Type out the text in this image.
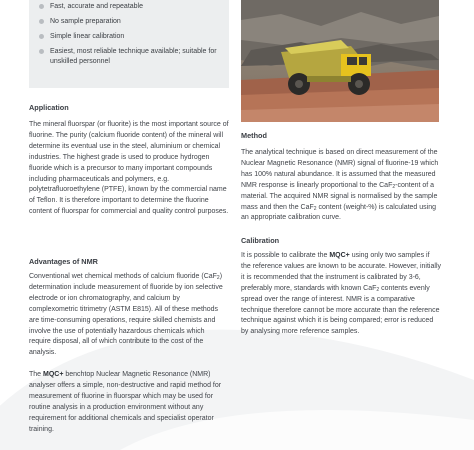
Fast, accurate and repeatable
No sample preparation
Simple linear calibration
Easiest, most reliable technique available; suitable for unskilled personnel
Application
The mineral fluorspar (or fluorite) is the most important source of fluorine. The purity (calcium fluoride content) of the mineral will determine its eventual use in the steel, aluminium or chemical industries. The highest grade is used to produce hydrogen fluoride which is a precursor to many important compounds including pharmaceuticals and polymers, e.g. polytetrafluoroethylene (PTFE), known by the commercial name of Teflon. It is therefore important to determine the fluorine content of fluorspar for commercial and quality control purposes.
Advantages of NMR
Conventional wet chemical methods of calcium fluoride (CaF$_2$) determination include measurement of fluoride by ion selective electrode or ion chromatography, and calcium by complexometric titrimetry (ASTM E815). All of these methods are time-consuming operations, require skilled chemists and involve the use of potentially hazardous chemicals which require disposal, all of which contribute to the cost of the analysis.
The MQC+ benchtop Nuclear Magnetic Resonance (NMR) analyser offers a simple, non-destructive and rapid method for measurement of fluorine in fluorspar which may be used for routine analysis in a production environment without any requirement for additional chemicals and specialist operator training.
Method
The analytical technique is based on direct measurement of the Nuclear Magnetic Resonance (NMR) signal of fluorine-19 which has 100% natural abundance. It is assumed that the measured NMR response is linearly proportional to the CaF$_2$-content of a material. The acquired NMR signal is normalised by the sample mass and then the CaF$_2$ content (weight-%) is calculated using an appropriate calibration curve.
Calibration
It is possible to calibrate the MQC+ using only two samples if the reference values are known to be accurate. However, initially it is recommended that the instrument is calibrated by 3-6, preferably more, standards with known CaF$_2$ contents evenly spread over the range of interest. NMR is a comparative technique therefore cannot be more accurate than the reference technique against which it is being compared; error is reduced by analysing more reference samples.
